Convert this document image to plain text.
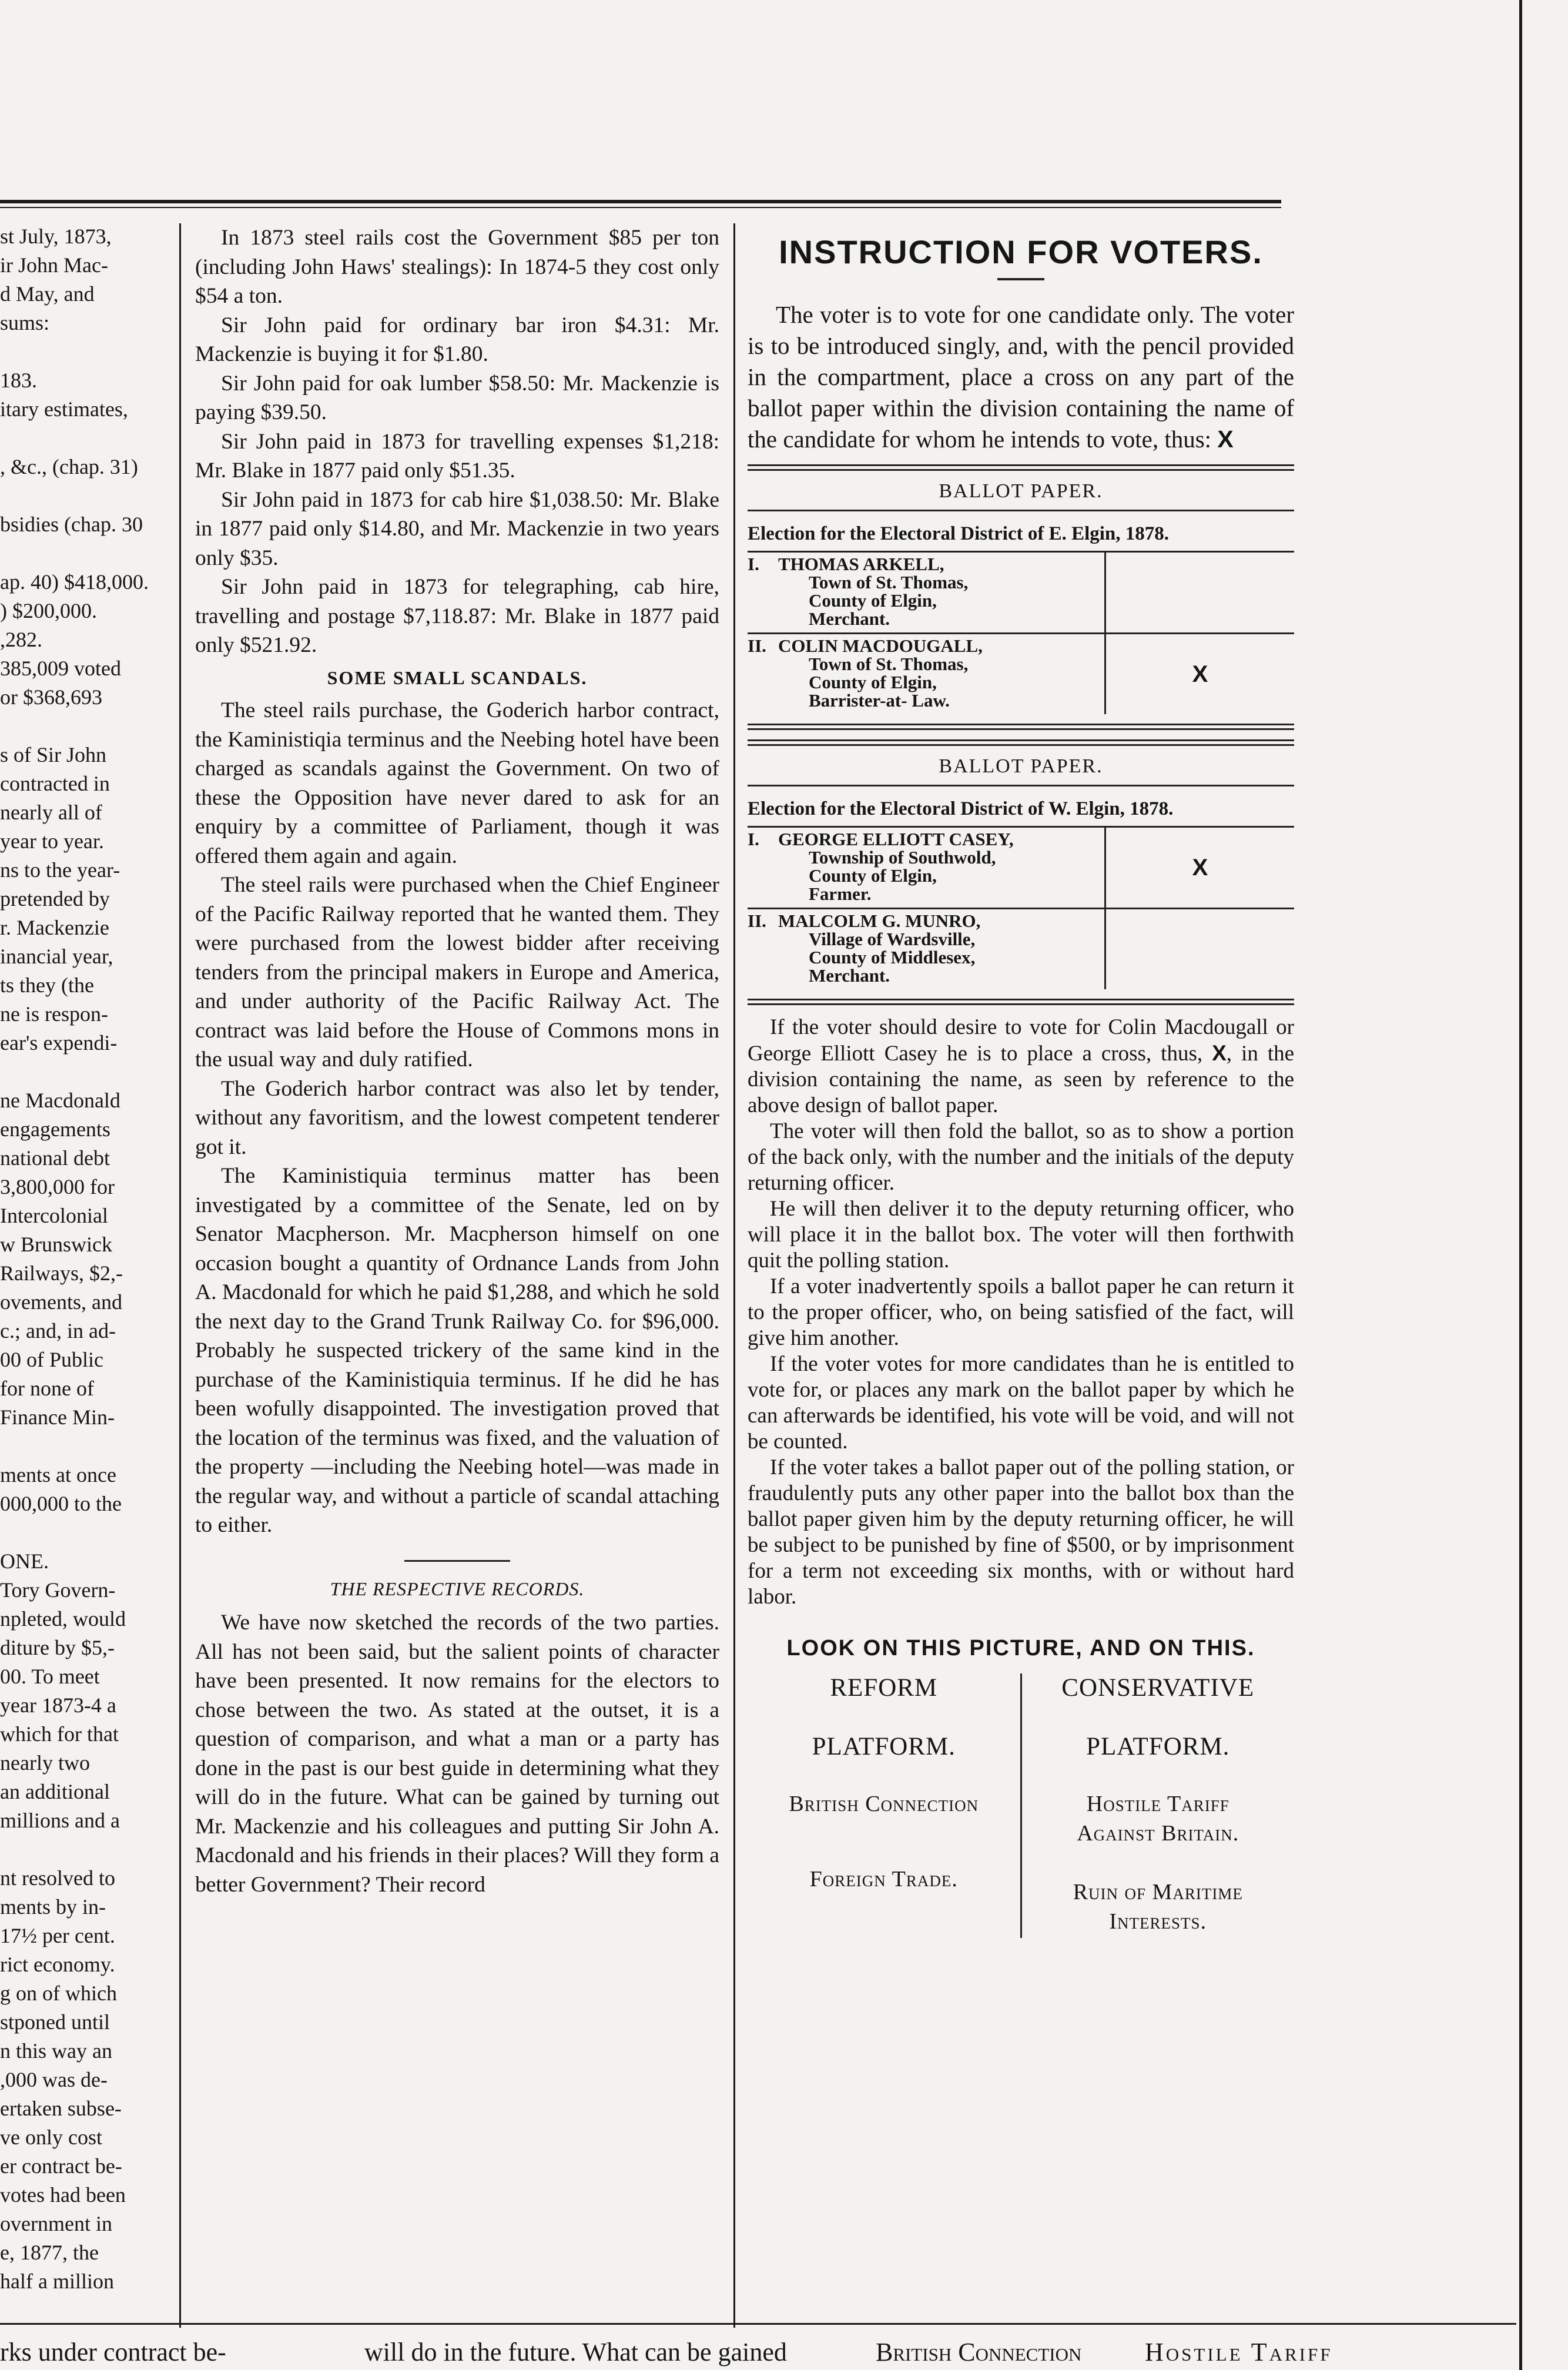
st July, 1873,

ir John Mac-

d May, and

sums:

183.

itary estimates,

, &c., (chap. 31)

bsidies (chap. 30

ap. 40) $418,000.

) $200,000.

,282.

385,009 voted

or $368,693

s of Sir John

contracted in

nearly all of

year to year.

ns to the year-

pretended by

r. Mackenzie

inancial year,

ts they (the

ne is respon-

ear's expendi-

ne Macdonald

engagements

national debt

3,800,000 for

Intercolonial

w Brunswick

Railways, $2,-

ovements, and

c.; and, in ad-

00 of Public

for none of

Finance Min-

ments at once

000,000 to the

ONE.

Tory Govern-

npleted, would

diture by $5,-

00. To meet

year 1873-4 a

which for that

nearly two

an additional

millions and a

nt resolved to

ments by in-

17½ per cent.

rict economy.

g on of which

stponed until

n this way an

,000 was de-

ertaken subse-

ve only cost

er contract be-

votes had been

overnment in

e, 1877, the

half a million

In 1873 steel rails cost the Government $85 per ton (including John Haws' stealings): In 1874-5 they cost only $54 a ton.

Sir John paid for ordinary bar iron $4.31: Mr. Mackenzie is buying it for $1.80.

Sir John paid for oak lumber $58.50: Mr. Mackenzie is paying $39.50.

Sir John paid in 1873 for travelling expenses $1,218: Mr. Blake in 1877 paid only $51.35.

Sir John paid in 1873 for cab hire $1,038.50: Mr. Blake in 1877 paid only $14.80, and Mr. Mackenzie in two years only $35.

Sir John paid in 1873 for telegraphing, cab hire, travelling and postage $7,118.87: Mr. Blake in 1877 paid only $521.92.

SOME SMALL SCANDALS.

The steel rails purchase, the Goderich harbor contract, the Kaministiqia terminus and the Neebing hotel have been charged as scandals against the Government. On two of these the Opposition have never dared to ask for an enquiry by a committee of Parliament, though it was offered them again and again.

The steel rails were purchased when the Chief Engineer of the Pacific Railway reported that he wanted them. They were purchased from the lowest bidder after receiving tenders from the principal makers in Europe and America, and under authority of the Pacific Railway Act. The contract was laid before the House of Commons mons in the usual way and duly ratified.

The Goderich harbor contract was also let by tender, without any favoritism, and the lowest competent tenderer got it.

The Kaministiquia terminus matter has been investigated by a committee of the Senate, led on by Senator Macpherson. Mr. Macpherson himself on one occasion bought a quantity of Ordnance Lands from John A. Macdonald for which he paid $1,288, and which he sold the next day to the Grand Trunk Railway Co. for $96,000. Probably he suspected trickery of the same kind in the purchase of the Kaministiquia terminus. If he did he has been wofully disappointed. The investigation proved that the location of the terminus was fixed, and the valuation of the property —including the Neebing hotel—was made in the regular way, and without a particle of scandal attaching to either.

THE RESPECTIVE RECORDS.

We have now sketched the records of the two parties. All has not been said, but the salient points of character have been presented. It now remains for the electors to chose between the two. As stated at the outset, it is a question of comparison, and what a man or a party has done in the past is our best guide in determining what they will do in the future. What can be gained by turning out Mr. Mackenzie and his colleagues and putting Sir John A. Macdonald and his friends in their places? Will they form a better Government? Their record

INSTRUCTION FOR VOTERS.

The voter is to vote for one candidate only. The voter is to be introduced singly, and, with the pencil provided in the compartment, place a cross on any part of the ballot paper within the division containing the name of the candidate for whom he intends to vote, thus: X

BALLOT PAPER.
Election for the Electoral District of E. Elgin, 1878.
I. THOMAS ARKELL,
Town of St. Thomas,
County of Elgin,
Merchant.
II. COLIN MACDOUGALL,
Town of St. Thomas,
County of Elgin,
Barrister-at- Law.
X
BALLOT PAPER.
Election for the Electoral District of W. Elgin, 1878.
I. GEORGE ELLIOTT CASEY,
Township of Southwold,
County of Elgin,
Farmer.
X
II. MALCOLM G. MUNRO,
Village of Wardsville,
County of Middlesex,
Merchant.

If the voter should desire to vote for Colin Macdougall or George Elliott Casey he is to place a cross, thus, X, in the division containing the name, as seen by reference to the above design of ballot paper.

The voter will then fold the ballot, so as to show a portion of the back only, with the number and the initials of the deputy returning officer.

He will then deliver it to the deputy returning officer, who will place it in the ballot box. The voter will then forthwith quit the polling station.

If a voter inadvertently spoils a ballot paper he can return it to the proper officer, who, on being satisfied of the fact, will give him another.

If the voter votes for more candidates than he is entitled to vote for, or places any mark on the ballot paper by which he can afterwards be identified, his vote will be void, and will not be counted.

If the voter takes a ballot paper out of the polling station, or fraudulently puts any other paper into the ballot box than the ballot paper given him by the deputy returning officer, he will be subject to be punished by fine of $500, or by imprisonment for a term not exceeding six months, with or without hard labor.

LOOK ON THIS PICTURE, AND ON THIS.
REFORM
PLATFORM.
British Connection
Foreign Trade.
CONSERVATIVE
PLATFORM.
Hostile Tariff
Against Britain.
Ruin of Maritime
Interests.
rks under contract be-	will do in the future. What can be gained	British Connection Hostile Tariff
